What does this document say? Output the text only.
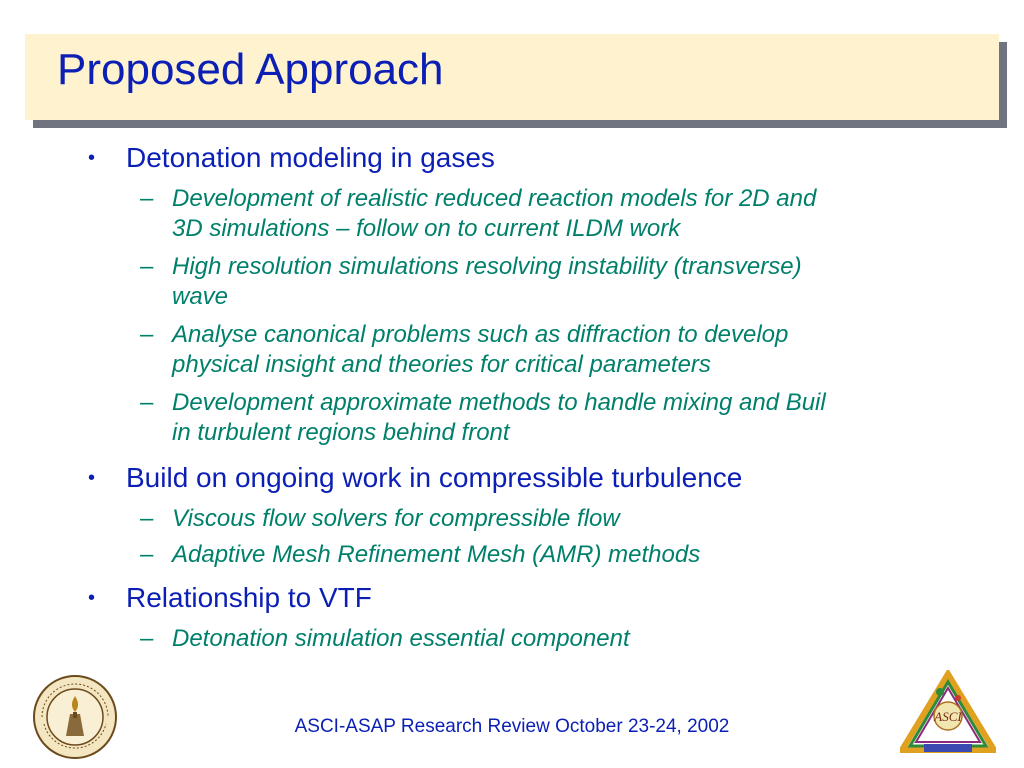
Proposed Approach
• Detonation modeling in gases
– Development of realistic reduced reaction models for 2D and
3D simulations – follow on to current ILDM work
– High resolution simulations resolving instability (transverse)
wave
– Analyse canonical problems such as diffraction to develop
physical insight and theories for critical parameters
– Development approximate methods to handle mixing and Buil
in turbulent regions behind front
• Build on ongoing work in compressible turbulence
– Viscous flow solvers for compressible flow
– Adaptive Mesh Refinement Mesh (AMR) methods
• Relationship to VTF
– Detonation simulation essential component
ASCI-ASAP Research Review October 23-24, 2002	ASCI
